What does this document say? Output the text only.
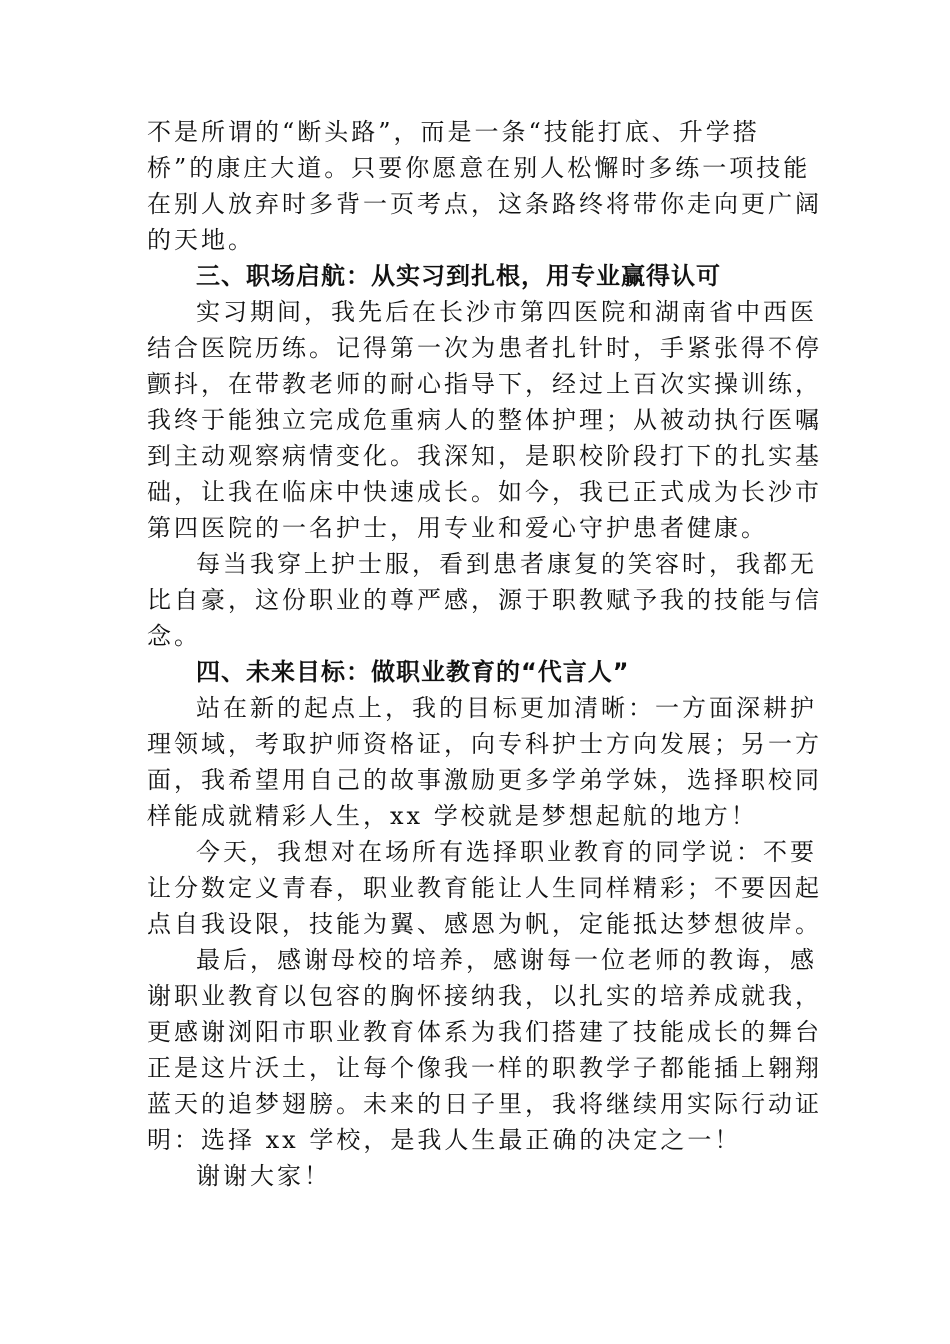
不是所谓的“断头路”，而是一条“技能打底、升学搭
桥”的康庄大道。只要你愿意在别人松懈时多练一项技能
在别人放弃时多背一页考点，这条路终将带你走向更广阔
的天地。

三、职场启航：从实习到扎根，用专业赢得认可

实习期间，我先后在长沙市第四医院和湖南省中西医
结合医院历练。记得第一次为患者扎针时，手紧张得不停
颤抖，在带教老师的耐心指导下，经过上百次实操训练，
我终于能独立完成危重病人的整体护理；从被动执行医嘱
到主动观察病情变化。我深知，是职校阶段打下的扎实基
础，让我在临床中快速成长。如今，我已正式成为长沙市
第四医院的一名护士，用专业和爱心守护患者健康。

每当我穿上护士服，看到患者康复的笑容时，我都无
比自豪，这份职业的尊严感，源于职教赋予我的技能与信
念。

四、未来目标：做职业教育的“代言人”

站在新的起点上，我的目标更加清晰：一方面深耕护
理领域，考取护师资格证，向专科护士方向发展；另一方
面，我希望用自己的故事激励更多学弟学妹，选择职校同
样能成就精彩人生，xx 学校就是梦想起航的地方！

今天，我想对在场所有选择职业教育的同学说：不要
让分数定义青春，职业教育能让人生同样精彩；不要因起
点自我设限，技能为翼、感恩为帆，定能抵达梦想彼岸。

最后，感谢母校的培养，感谢每一位老师的教诲，感
谢职业教育以包容的胸怀接纳我，以扎实的培养成就我，
更感谢浏阳市职业教育体系为我们搭建了技能成长的舞台
正是这片沃土，让每个像我一样的职教学子都能插上翱翔
蓝天的追梦翅膀。未来的日子里，我将继续用实际行动证
明：选择 xx 学校，是我人生最正确的决定之一！

谢谢大家！
